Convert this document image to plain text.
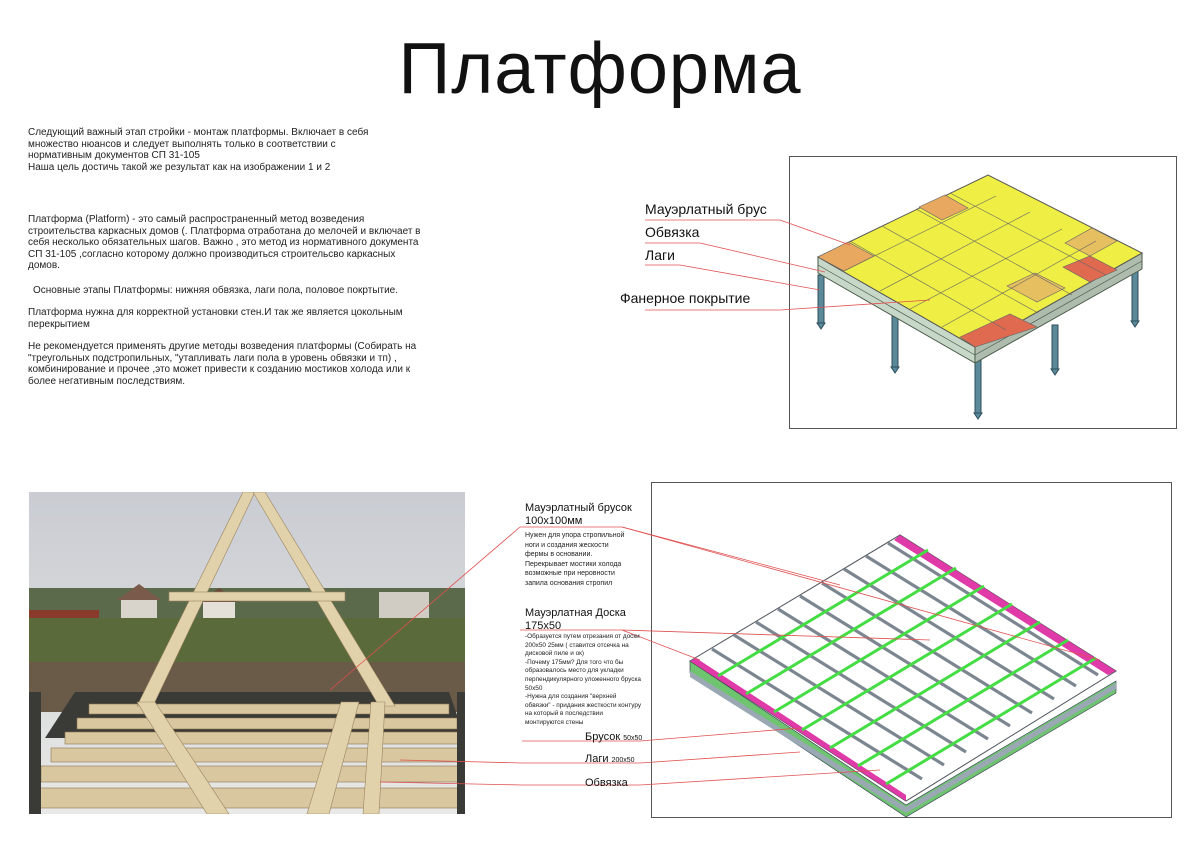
Платформа

Следующий важный этап стройки - монтаж платформы. Включает в себя
множество нюансов и следует выполнять только в соответствии с
нормативным документов СП 31-105
Наша цель достичь такой же результат как на изображении 1 и 2

Платформа (Platform) - это самый распространенный метод возведения
строительства каркасных домов (. Платформа отработана до мелочей и включает в
себя несколько обязательных шагов. Важно , это метод из нормативного документа
СП 31-105 ,согласно которому должно производиться строительсво каркасных домов.

Основные этапы Платформы: нижняя обвязка, лаги пола, половое покртытие.

Платформа нужна для корректной установки стен.И так же является цокольным
перекрытием

Не рекомендуется применять другие методы возведения платформы (Собирать на
"треугольных подстропильных, "утапливать лаги пола в уровень обвязки и тп) ,
комбинирование и прочее ,это может привести к созданию мостиков холода или к
более негативным последствиям.

Мауэрлатный брус
Обвязка
Лаги
Фанерное покрытие
Мауэрлатный брусок
100x100мм
Нужен для упора стропильной
ноги и создания жескости
фермы в основании.
Перекрывает мостики холода
возможные при неровности
запила основания стропил
Мауэрлатная Доска
175x50
-Образуется путем отрезания от доски
200x50 25мм ( ставится отсечка на
дисковой пиле и ок)
-Почему 175мм? Для того что бы
образовалось место для укладки
перпендикулярного уложенного бруска
50x50
-Нужна для создания "верхней
обвязки" - придания жесткости контуру
на который в последствии
монтируются стены
Брусок 50x50
Лаги 200x50
Обвязка
